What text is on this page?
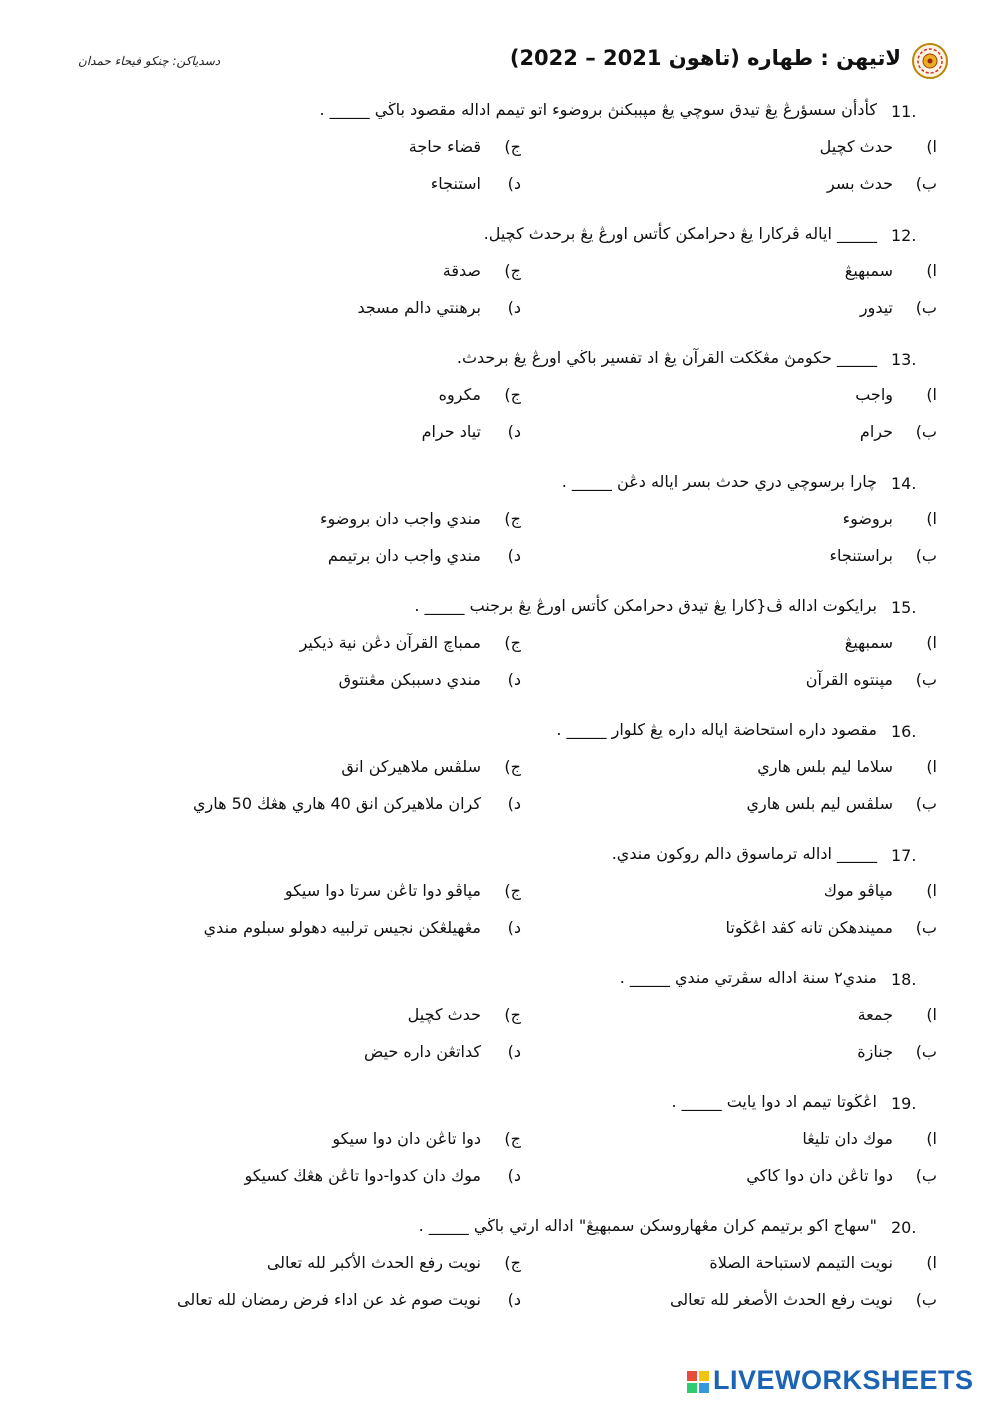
لاتيهن : طهاره (تاهون 2021 – 2022)
دسدياكن: چنكو فيحاء حمدان
11.
كأدأن سسؤرڠ يڠ تيدق سوچي يڠ مپببكنڽ بروضوء اتو تيمم اداله مقصود باڬي _____ .
ا)
حدث كچيل
ج)
قضاء حاجة
ب)
حدث بسر
د)
استنجاء
12.
_____ اياله ڤركارا يڠ دحرامكن كأتس اورڠ يڠ برحدث كچيل.
ا)
سمبهيڠ
ج)
صدقة
ب)
تيدور
د)
برهنتي دالم مسجد
13.
_____ حكومڽ مڠڬكت القرآن يڠ اد تفسير باڬي اورڠ يڠ برحدث.
ا)
واجب
ج)
مكروه
ب)
حرام
د)
تياد حرام
14.
چارا برسوچي دري حدث بسر اياله دڠن _____ .
ا)
بروضوء
ج)
مندي واجب دان بروضوء
ب)
براستنجاء
د)
مندي واجب دان برتيمم
15.
برايكوت اداله ڤ{كارا يڠ تيدق دحرامكن كأتس اورڠ يڠ برجنب _____ .
ا)
سمبهيڠ
ج)
ممباچ القرآن دڠن نية ذيكير
ب)
مپنتوه القرآن
د)
مندي دسببكن مڠنتوق
16.
مقصود داره استحاضة اياله داره يڠ كلوار _____ .
ا)
سلاما ليم بلس هاري
ج)
سلڤس ملاهيركن انق
ب)
سلڤس ليم بلس هاري
د)
كران ملاهيركن انق 40 هاري هڠڬ 50 هاري
17.
_____ اداله ترماسوق دالم روكون مندي.
ا)
مپاڤو موك
ج)
مپاڤو دوا تاڠن سرتا دوا سيكو
ب)
مميندهكن تانه كڤد اڠڬوتا
د)
مڠهيلڠكن نجيس ترلبيه دهولو سبلوم مندي
18.
مندي٢ سنة اداله سڤرتي مندي _____ .
ا)
جمعة
ج)
حدث كچيل
ب)
جنازة
د)
كداتڠن داره حيض
19.
اڠڬوتا تيمم اد دوا يايت _____ .
ا)
موك دان تليڠا
ج)
دوا تاڠن دان دوا سيكو
ب)
دوا تاڠن دان دوا كاكي
د)
موك دان كدوا-دوا تاڠن هڠڬ كسيكو
20.
"سهاج اكو برتيمم كران مڠهاروسكن سمبهيڠ" اداله ارتي باڬي _____ .
ا)
نويت التيمم لاستباحة الصلاة
ج)
نويت رفع الحدث الأكبر لله تعالى
ب)
نويت رفع الحدث الأصغر لله تعالى
د)
نويت صوم غد عن اداء فرض رمضان لله تعالى
LIVEWORKSHEETS
